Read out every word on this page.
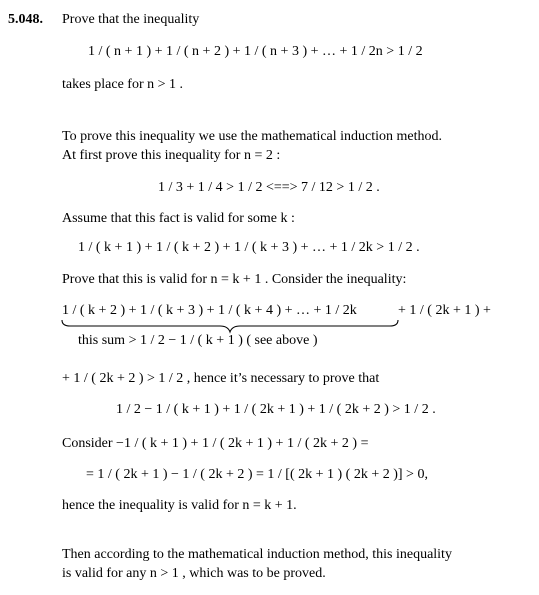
5.048. Prove that the inequality
1 / ( n + 1 ) + 1 / ( n + 2 ) + 1 / ( n + 3 ) + … + 1 / 2n > 1 / 2
takes place for n > 1 .
To prove this inequality we use the mathematical induction method.
At first prove this inequality for n = 2 :
1 / 3 + 1 / 4 > 1 / 2 <==> 7 / 12 > 1 / 2 .
Assume that this fact is valid for some k :
1 / ( k + 1 ) + 1 / ( k + 2 ) + 1 / ( k + 3 ) + … + 1 / 2k > 1 / 2 .
Prove that this is valid for n = k + 1 . Consider the inequality:
1 / ( k + 2 ) + 1 / ( k + 3 ) + 1 / ( k + 4 ) + … + 1 / 2k	+ 1 / ( 2k + 1 ) +
this sum > 1 / 2 − 1 / ( k + 1 ) ( see above )
+ 1 / ( 2k + 2 ) > 1 / 2 , hence it’s necessary to prove that
1 / 2 − 1 / ( k + 1 ) + 1 / ( 2k + 1 ) + 1 / ( 2k + 2 ) > 1 / 2 .
Consider −1 / ( k + 1 ) + 1 / ( 2k + 1 ) + 1 / ( 2k + 2 ) =
= 1 / ( 2k + 1 ) − 1 / ( 2k + 2 ) = 1 / [( 2k + 1 ) ( 2k + 2 )] > 0,
hence the inequality is valid for n = k + 1.
Then according to the mathematical induction method, this inequality
is valid for any n > 1 , which was to be proved.
